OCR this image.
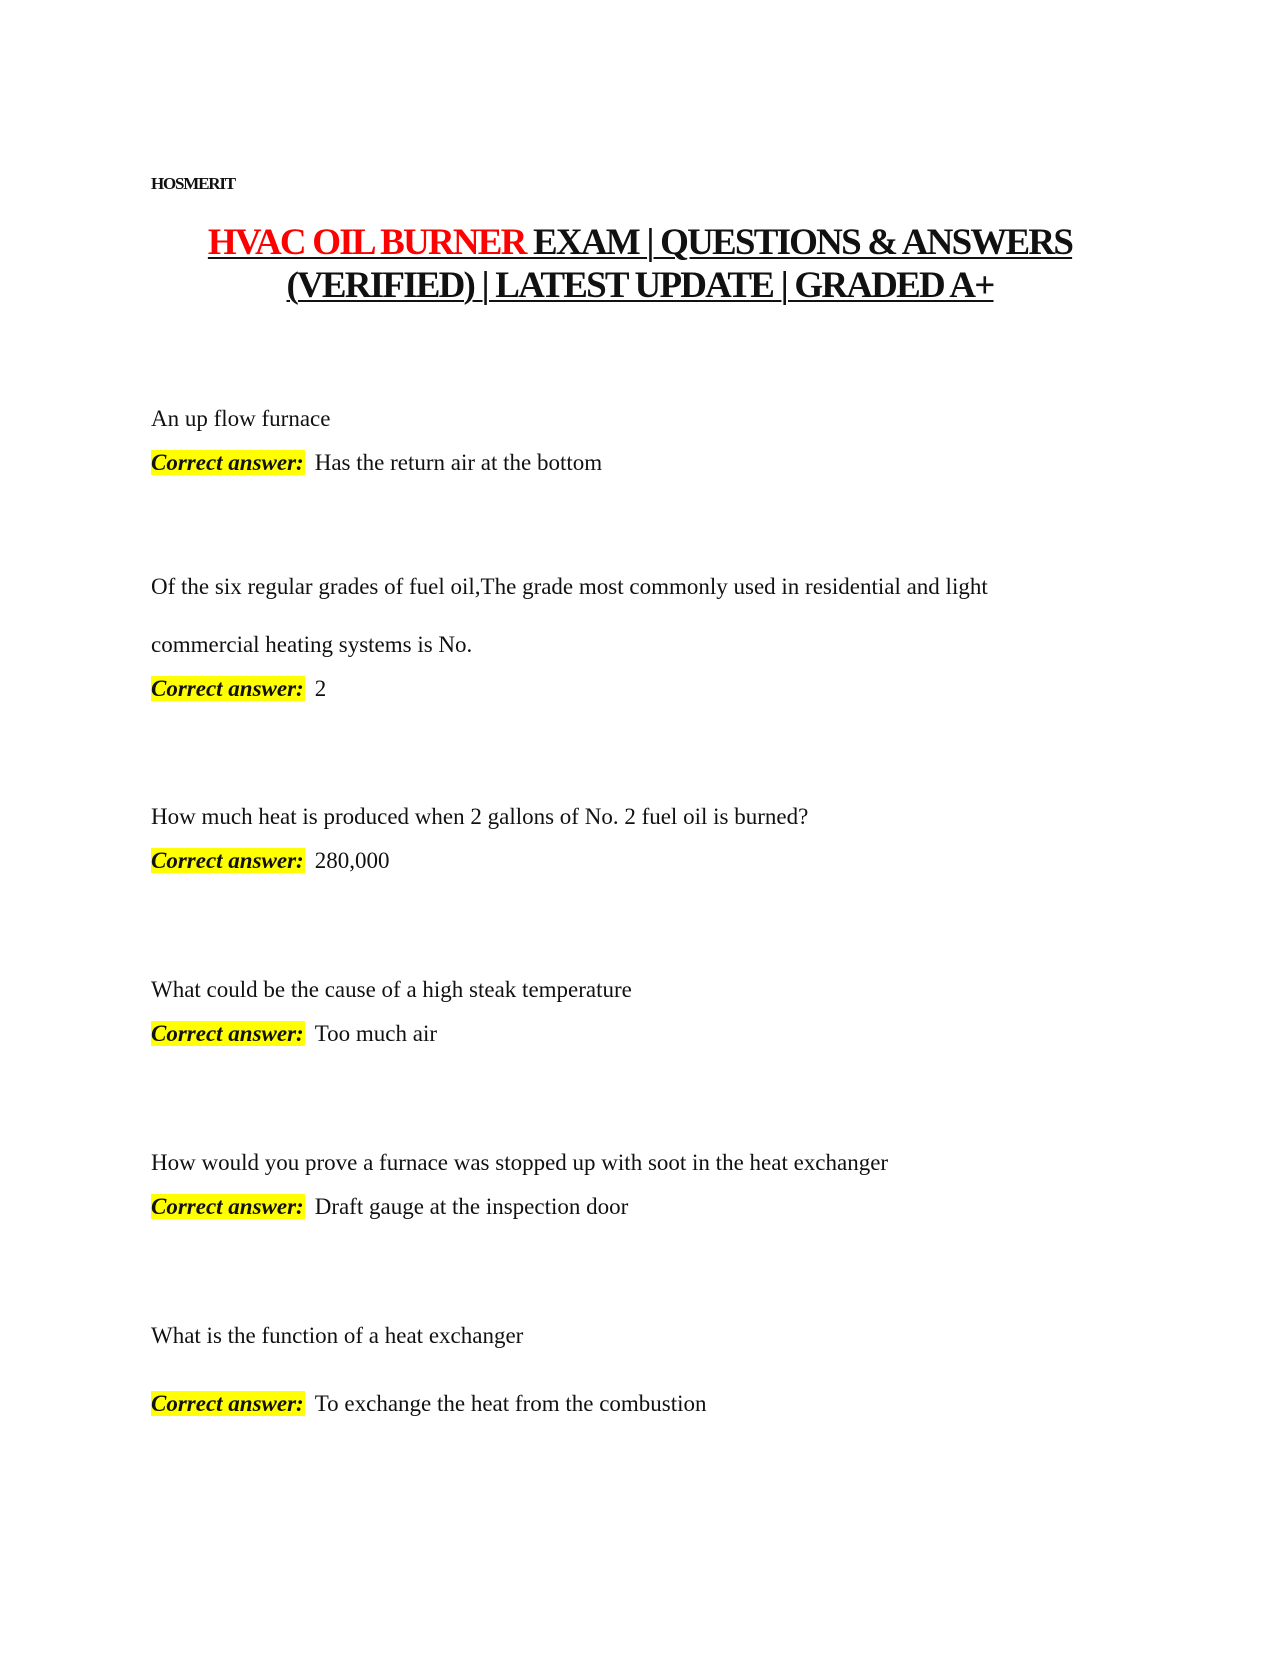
HOSMERIT
HVAC OIL BURNER EXAM | QUESTIONS & ANSWERS
(VERIFIED) | LATEST UPDATE | GRADED A+

An up flow furnace

Correct answer: Has the return air at the bottom

Of the six regular grades of fuel oil,The grade most commonly used in residential and light

commercial heating systems is No.

Correct answer: 2

How much heat is produced when 2 gallons of No. 2 fuel oil is burned?

Correct answer: 280,000

What could be the cause of a high steak temperature

Correct answer: Too much air

How would you prove a furnace was stopped up with soot in the heat exchanger

Correct answer: Draft gauge at the inspection door

What is the function of a heat exchanger

Correct answer: To exchange the heat from the combustion
